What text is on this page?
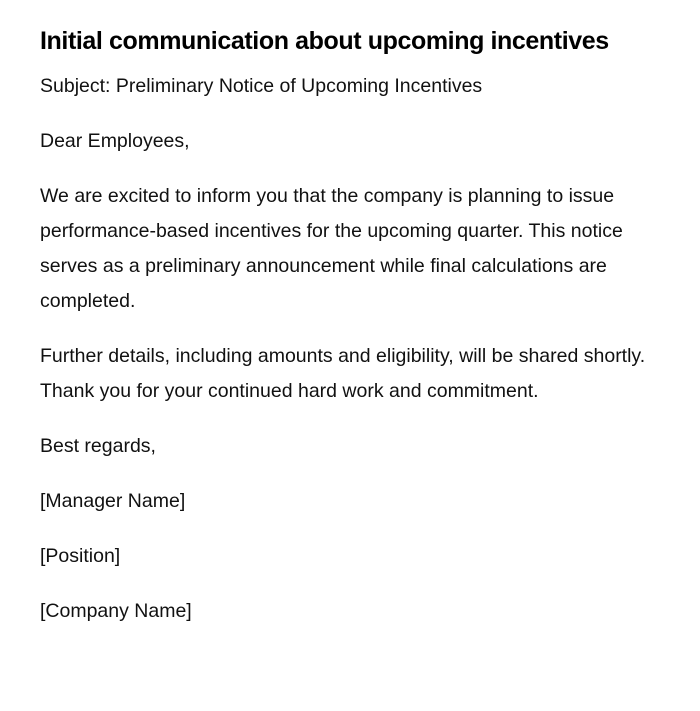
Initial communication about upcoming incentives

Subject: Preliminary Notice of Upcoming Incentives

Dear Employees,

We are excited to inform you that the company is planning to issue performance-based incentives for the upcoming quarter. This notice serves as a preliminary announcement while final calculations are completed.

Further details, including amounts and eligibility, will be shared shortly. Thank you for your continued hard work and commitment.

Best regards,

[Manager Name]

[Position]

[Company Name]
